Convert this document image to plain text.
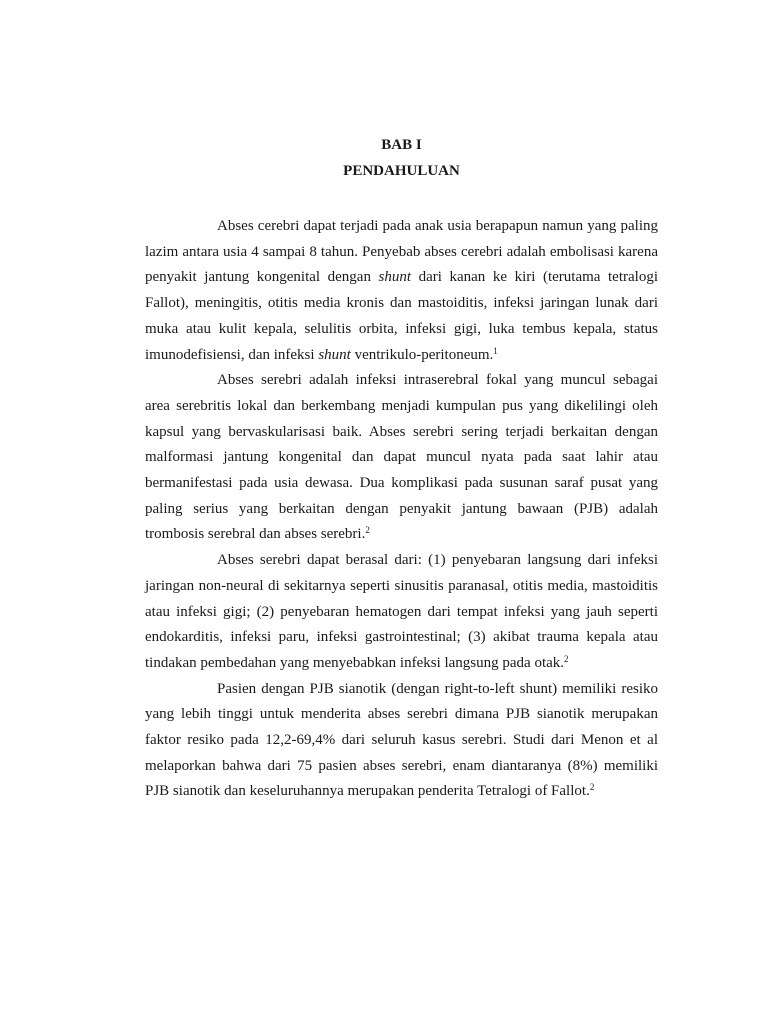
BAB I
PENDAHULUAN

Abses cerebri dapat terjadi pada anak usia berapapun namun yang paling lazim antara usia 4 sampai 8 tahun. Penyebab abses cerebri adalah embolisasi karena penyakit jantung kongenital dengan shunt dari kanan ke kiri (terutama tetralogi Fallot), meningitis, otitis media kronis dan mastoiditis, infeksi jaringan lunak dari muka atau kulit kepala, selulitis orbita, infeksi gigi, luka tembus kepala, status imunodefisiensi, dan infeksi shunt ventrikulo-peritoneum.$^1$

Abses serebri adalah infeksi intraserebral fokal yang muncul sebagai area serebritis lokal dan berkembang menjadi kumpulan pus yang dikelilingi oleh kapsul yang bervaskularisasi baik. Abses serebri sering terjadi berkaitan dengan malformasi jantung kongenital dan dapat muncul nyata pada saat lahir atau bermanifestasi pada usia dewasa. Dua komplikasi pada susunan saraf pusat yang paling serius yang berkaitan dengan penyakit jantung bawaan (PJB) adalah trombosis serebral dan abses serebri.$^2$

Abses serebri dapat berasal dari: (1) penyebaran langsung dari infeksi jaringan non-neural di sekitarnya seperti sinusitis paranasal, otitis media, mastoiditis atau infeksi gigi; (2) penyebaran hematogen dari tempat infeksi yang jauh seperti endokarditis, infeksi paru, infeksi gastrointestinal; (3) akibat trauma kepala atau tindakan pembedahan yang menyebabkan infeksi langsung pada otak.$^2$

Pasien dengan PJB sianotik (dengan right-to-left shunt) memiliki resiko yang lebih tinggi untuk menderita abses serebri dimana PJB sianotik merupakan faktor resiko pada 12,2-69,4% dari seluruh kasus serebri. Studi dari Menon et al melaporkan bahwa dari 75 pasien abses serebri, enam diantaranya (8%) memiliki PJB sianotik dan keseluruhannya merupakan penderita Tetralogi of Fallot.$^2$
